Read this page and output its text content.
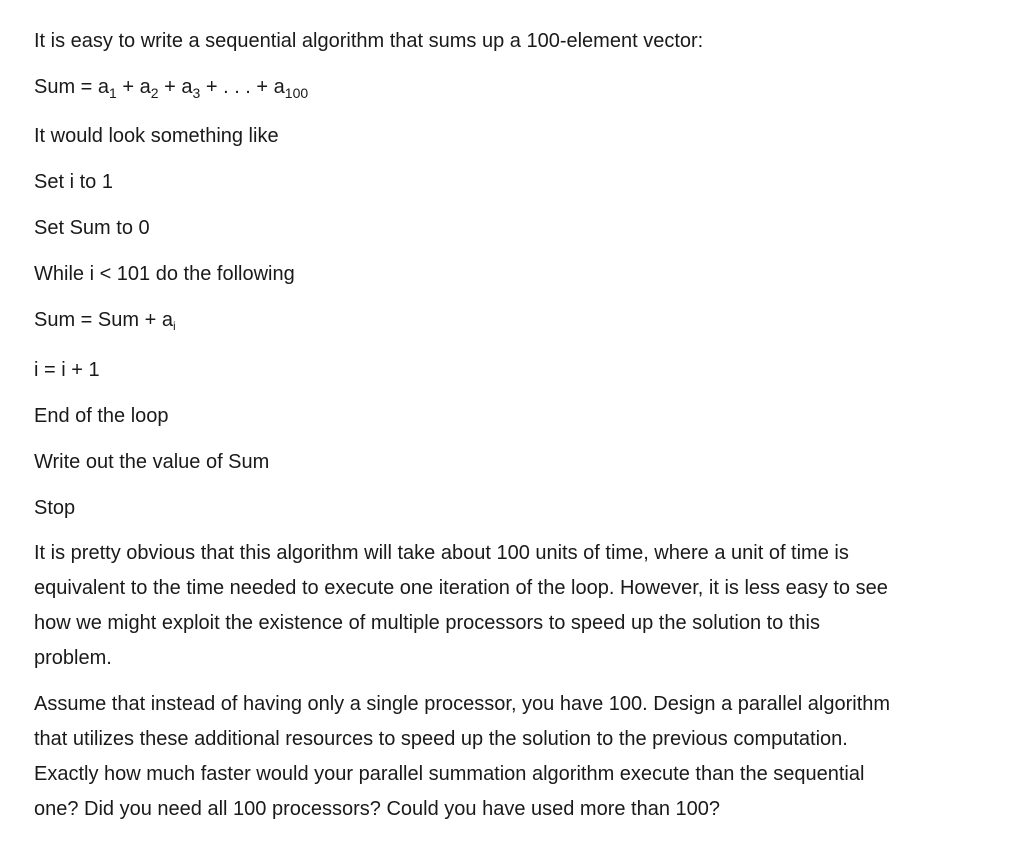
It is easy to write a sequential algorithm that sums up a 100-element vector:
Sum = $a_1 + a_2 + a_3$ + . . . + $a_{100}$
It would look something like
Set i to 1
Set Sum to 0
While i < 101 do the following
Sum = Sum + $a_i$
i = i + 1
End of the loop
Write out the value of Sum
Stop
It is pretty obvious that this algorithm will take about 100 units of time, where a unit of time is
equivalent to the time needed to execute one iteration of the loop. However, it is less easy to see
how we might exploit the existence of multiple processors to speed up the solution to this
problem.
Assume that instead of having only a single processor, you have 100. Design a parallel algorithm
that utilizes these additional resources to speed up the solution to the previous computation.
Exactly how much faster would your parallel summation algorithm execute than the sequential
one? Did you need all 100 processors? Could you have used more than 100?
